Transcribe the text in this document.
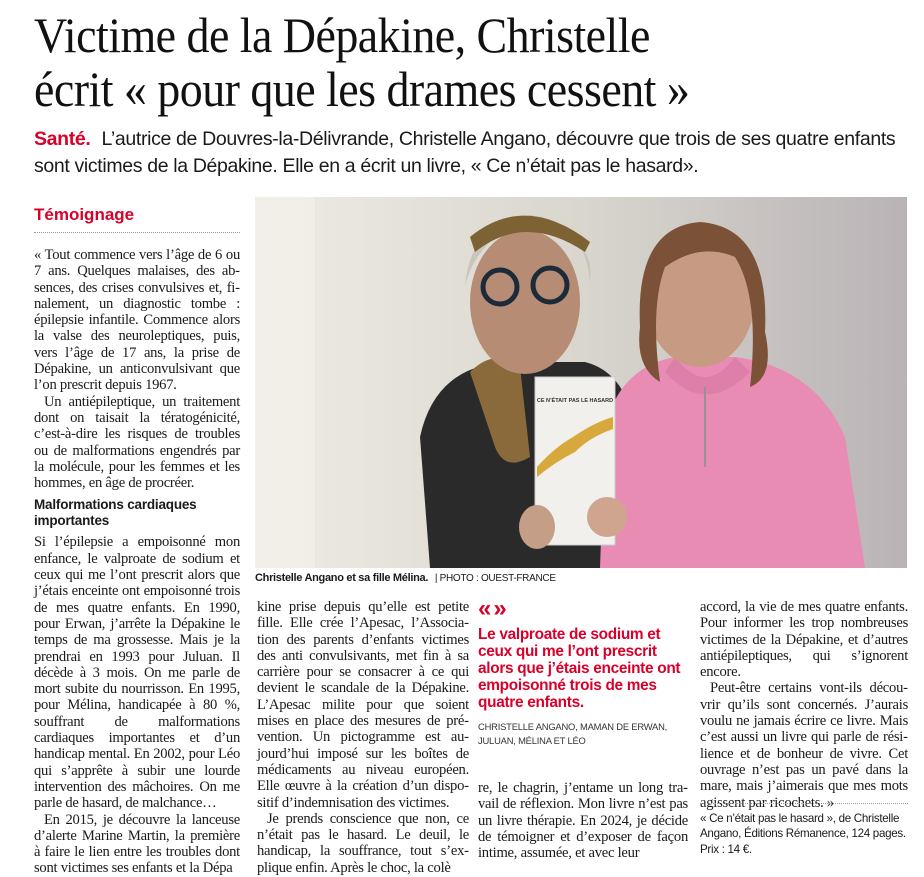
Victime de la Dépakine, Christelle
écrit « pour que les drames cessent »

Santé. L’autrice de Douvres-la-Délivrande, Christelle Angano, découvre que trois de ses quatre enfants sont victimes de la Dépakine. Elle en a écrit un livre, « Ce n’était pas le hasard».

Témoignage

« Tout commence vers l’âge de 6 ou 7 ans. Quelques malaises, des absences, des crises convulsives et, finalement, un diagnostic tombe : épilepsie infantile. Commence alors la valse des neuroleptiques, puis, vers l’âge de 17 ans, la prise de Dépakine, un anticonvulsivant que l’on prescrit depuis 1967.

Un antiépileptique, un traitement dont on taisait la tératogénicité, c’est-à-dire les risques de troubles ou de malformations engendrés par la molécule, pour les femmes et les hommes, en âge de procréer.

Malformations cardiaques importantes

Si l’épilepsie a empoisonné mon enfance, le valproate de sodium et ceux qui me l’ont prescrit alors que j’étais enceinte ont empoisonné trois de mes quatre enfants. En 1990, pour Erwan, j’arrête la Dépakine le temps de ma grossesse. Mais je la prendrai en 1993 pour Juluan. Il décède à 3 mois. On me parle de mort subite du nourrisson. En 1995, pour Mélina, handicapée à 80 %, souffrant de malformations cardiaques importantes et d’un handicap mental. En 2002, pour Léo qui s’apprête à subir une lourde intervention des mâchoires. On me parle de hasard, de malchance…

En 2015, je découvre la lanceuse d’alerte Marine Martin, la première à faire le lien entre les troubles dont sont victimes ses enfants et la Dépa

CE N’ÉTAIT PAS LE HASARD

Christelle Angano et sa fille Mélina. | PHOTO : OUEST-FRANCE

kine prise depuis qu’elle est petite fille. Elle crée l’Apesac, l’Association des parents d’enfants victimes des anti convulsivants, met fin à sa carrière pour se consacrer à ce qui devient le scandale de la Dépakine. L’Apesac milite pour que soient mises en place des mesures de prévention. Un pictogramme est aujourd’hui imposé sur les boîtes de médicaments au niveau européen. Elle œuvre à la création d’un dispositif d’indemnisation des victimes.

Je prends conscience que non, ce n’était pas le hasard. Le deuil, le handicap, la souffrance, tout s’explique enfin. Après le choc, la colè

«»

Le valproate de sodium et ceux qui me l’ont prescrit alors que j’étais enceinte ont empoisonné trois de mes quatre enfants.

CHRISTELLE ANGANO, MAMAN DE ERWAN, JULUAN, MÉLINA ET LÉO

re, le chagrin, j’entame un long travail de réflexion. Mon livre n’est pas un livre thérapie. En 2024, je décide de témoigner et d’exposer de façon intime, assumée, et avec leur

accord, la vie de mes quatre enfants. Pour informer les trop nombreuses victimes de la Dépakine, et d’autres antiépileptiques, qui s’ignorent encore.

Peut-être certains vont-ils découvrir qu’ils sont concernés. J’aurais voulu ne jamais écrire ce livre. Mais c’est aussi un livre qui parle de résilience et de bonheur de vivre. Cet ouvrage n’est pas un pavé dans la mare, mais j’aimerais que mes mots agissent par ricochets. »

« Ce n’était pas le hasard », de Christelle Angano, Éditions Rémanence, 124 pages. Prix : 14 €.
